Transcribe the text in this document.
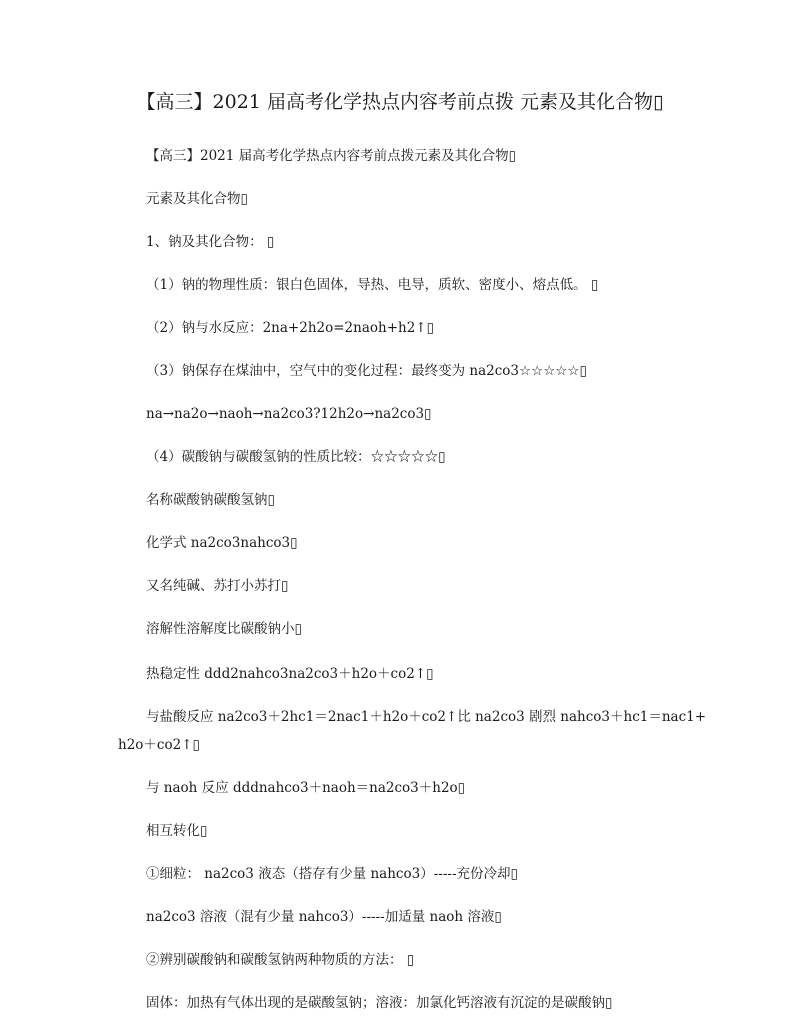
【高三】2021 届高考化学热点内容考前点拨 元素及其化合物▯
【高三】2021 届高考化学热点内容考前点拨元素及其化合物▯
元素及其化合物▯
1、钠及其化合物： ▯
（1）钠的物理性质：银白色固体，导热、电导，质软、密度小、熔点低。 ▯
（2）钠与水反应：2na+2h2o=2naoh+h2↑▯
（3）钠保存在煤油中，空气中的变化过程：最终变为 na2co3☆☆☆☆☆▯
na→na2o→naoh→na2co3?12h2o→na2co3▯
（4）碳酸钠与碳酸氢钠的性质比较：☆☆☆☆☆▯
名称碳酸钠碳酸氢钠▯
化学式 na2co3nahco3▯
又名纯碱、苏打小苏打▯
溶解性溶解度比碳酸钠小▯
热稳定性 ddd2nahco3na2co3＋h2o＋co2↑▯
与盐酸反应 na2co3＋2hc1＝2nac1＋h2o＋co2↑比 na2co3 剧烈 nahco3＋hc1＝nac1+
h2o＋co2↑▯
与 naoh 反应 dddnahco3＋naoh＝na2co3＋h2o▯
相互转化▯
①细粒： na2co3 液态（搭存有少量 nahco3）-----充份冷却▯
na2co3 溶液（混有少量 nahco3）-----加适量 naoh 溶液▯
②辨别碳酸钠和碳酸氢钠两种物质的方法： ▯
固体：加热有气体出现的是碳酸氢钠；溶液：加氯化钙溶液有沉淀的是碳酸钠▯
